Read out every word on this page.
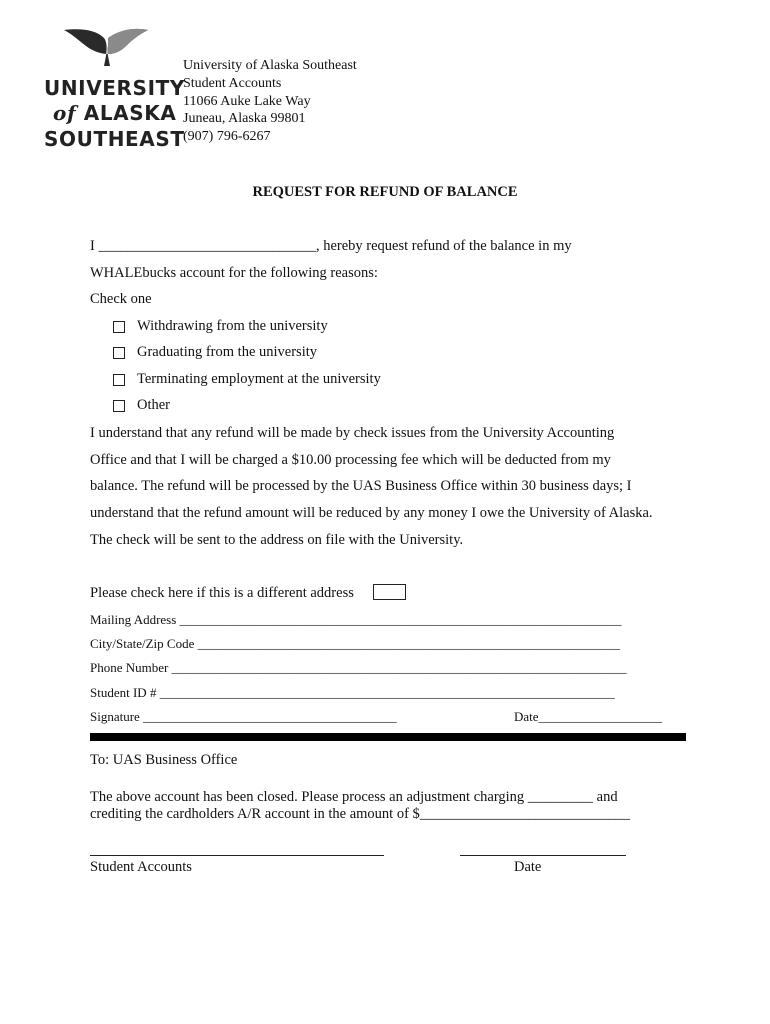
UNIVERSITY
of ALASKA
SOUTHEAST
University of Alaska Southeast
Student Accounts
11066 Auke Lake Way
Juneau, Alaska 99801
(907) 796-6267
REQUEST FOR REFUND OF BALANCE
I ______________________________, hereby request refund of the balance in my
WHALEbucks account for the following reasons:
Check one
Withdrawing from the university
Graduating from the university
Terminating employment at the university
Other
I understand that any refund will be made by check issues from the University Accounting
Office and that I will be charged a $10.00 processing fee which will be deducted from my
balance. The refund will be processed by the UAS Business Office within 30 business days; I
understand that the refund amount will be reduced by any money I owe the University of Alaska.
The check will be sent to the address on file with the University.
Please check here if this is a different address
Mailing Address ____________________________________________________________________
City/State/Zip Code _________________________________________________________________
Phone Number ______________________________________________________________________
Student ID # ______________________________________________________________________
Signature _______________________________________	Date___________________
To: UAS Business Office
The above account has been closed. Please process an adjustment charging _________ and
crediting the cardholders A/R account in the amount of $_____________________________
Student Accounts	Date
